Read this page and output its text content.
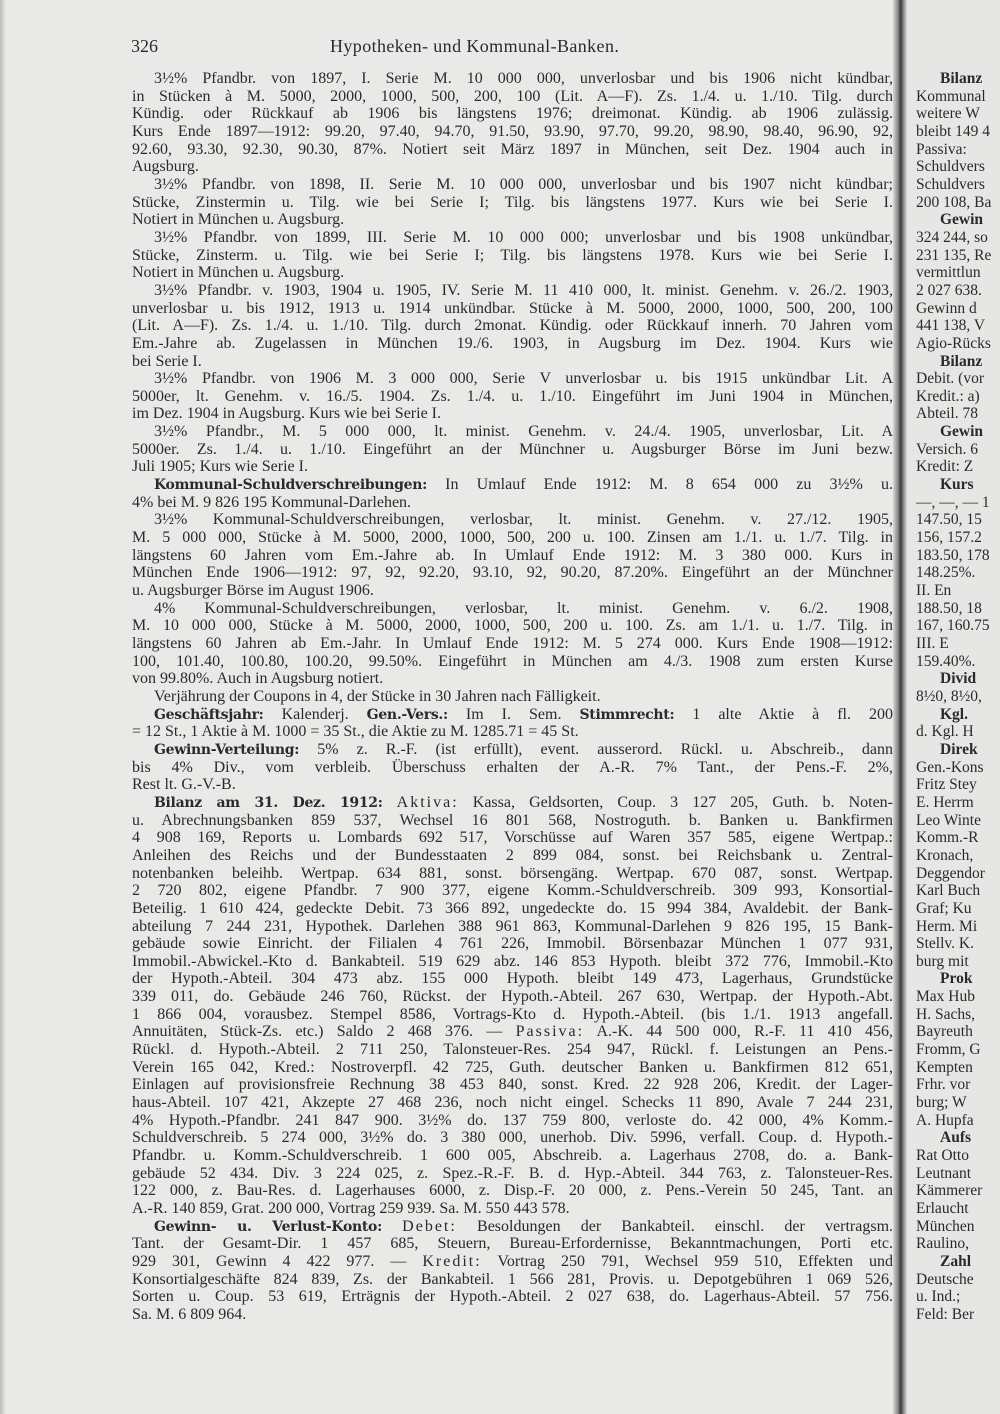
326	Hypotheken- und Kommunal-Banken.
3½% Pfandbr. von 1897, I. Serie M. 10 000 000, unverlosbar und bis 1906 nicht kündbar,
in Stücken à M. 5000, 2000, 1000, 500, 200, 100 (Lit. A—F). Zs. 1./4. u. 1./10. Tilg. durch
Kündig. oder Rückkauf ab 1906 bis längstens 1976; dreimonat. Kündig. ab 1906 zulässig.
Kurs Ende 1897—1912: 99.20, 97.40, 94.70, 91.50, 93.90, 97.70, 99.20, 98.90, 98.40, 96.90, 92,
92.60, 93.30, 92.30, 90.30, 87%. Notiert seit März 1897 in München, seit Dez. 1904 auch in
Augsburg.
3½% Pfandbr. von 1898, II. Serie M. 10 000 000, unverlosbar und bis 1907 nicht kündbar;
Stücke, Zinstermin u. Tilg. wie bei Serie I; Tilg. bis längstens 1977. Kurs wie bei Serie I.
Notiert in München u. Augsburg.
3½% Pfandbr. von 1899, III. Serie M. 10 000 000; unverlosbar und bis 1908 unkündbar,
Stücke, Zinsterm. u. Tilg. wie bei Serie I; Tilg. bis längstens 1978. Kurs wie bei Serie I.
Notiert in München u. Augsburg.
3½% Pfandbr. v. 1903, 1904 u. 1905, IV. Serie M. 11 410 000, lt. minist. Genehm. v. 26./2. 1903,
unverlosbar u. bis 1912, 1913 u. 1914 unkündbar. Stücke à M. 5000, 2000, 1000, 500, 200, 100
(Lit. A—F). Zs. 1./4. u. 1./10. Tilg. durch 2monat. Kündig. oder Rückkauf innerh. 70 Jahren vom
Em.-Jahre ab. Zugelassen in München 19./6. 1903, in Augsburg im Dez. 1904. Kurs wie
bei Serie I.
3½% Pfandbr. von 1906 M. 3 000 000, Serie V unverlosbar u. bis 1915 unkündbar Lit. A
5000er, lt. Genehm. v. 16./5. 1904. Zs. 1./4. u. 1./10. Eingeführt im Juni 1904 in München,
im Dez. 1904 in Augsburg. Kurs wie bei Serie I.
3½% Pfandbr., M. 5 000 000, lt. minist. Genehm. v. 24./4. 1905, unverlosbar, Lit. A
5000er. Zs. 1./4. u. 1./10. Eingeführt an der Münchner u. Augsburger Börse im Juni bezw.
Juli 1905; Kurs wie Serie I.
Kommunal-Schuldverschreibungen: In Umlauf Ende 1912: M. 8 654 000 zu 3½% u.
4% bei M. 9 826 195 Kommunal-Darlehen.
3½% Kommunal-Schuldverschreibungen, verlosbar, lt. minist. Genehm. v. 27./12. 1905,
M. 5 000 000, Stücke à M. 5000, 2000, 1000, 500, 200 u. 100. Zinsen am 1./1. u. 1./7. Tilg. in
längstens 60 Jahren vom Em.-Jahre ab. In Umlauf Ende 1912: M. 3 380 000. Kurs in
München Ende 1906—1912: 97, 92, 92.20, 93.10, 92, 90.20, 87.20%. Eingeführt an der Münchner
u. Augsburger Börse im August 1906.
4% Kommunal-Schuldverschreibungen, verlosbar, lt. minist. Genehm. v. 6./2. 1908,
M. 10 000 000, Stücke à M. 5000, 2000, 1000, 500, 200 u. 100. Zs. am 1./1. u. 1./7. Tilg. in
längstens 60 Jahren ab Em.-Jahr. In Umlauf Ende 1912: M. 5 274 000. Kurs Ende 1908—1912:
100, 101.40, 100.80, 100.20, 99.50%. Eingeführt in München am 4./3. 1908 zum ersten Kurse
von 99.80%. Auch in Augsburg notiert.
Verjährung der Coupons in 4, der Stücke in 30 Jahren nach Fälligkeit.
Geschäftsjahr: Kalenderj. Gen.-Vers.: Im I. Sem. Stimmrecht: 1 alte Aktie à fl. 200
= 12 St., 1 Aktie à M. 1000 = 35 St., die Aktie zu M. 1285.71 = 45 St.
Gewinn-Verteilung: 5% z. R.-F. (ist erfüllt), event. ausserord. Rückl. u. Abschreib., dann
bis 4% Div., vom verbleib. Überschuss erhalten der A.-R. 7% Tant., der Pens.-F. 2%,
Rest lt. G.-V.-B.
Bilanz am 31. Dez. 1912: Aktiva: Kassa, Geldsorten, Coup. 3 127 205, Guth. b. Noten-
u. Abrechnungsbanken 859 537, Wechsel 16 801 568, Nostroguth. b. Banken u. Bankfirmen
4 908 169, Reports u. Lombards 692 517, Vorschüsse auf Waren 357 585, eigene Wertpap.:
Anleihen des Reichs und der Bundesstaaten 2 899 084, sonst. bei Reichsbank u. Zentral-
notenbanken beleihb. Wertpap. 634 881, sonst. börsengäng. Wertpap. 670 087, sonst. Wertpap.
2 720 802, eigene Pfandbr. 7 900 377, eigene Komm.-Schuldverschreib. 309 993, Konsortial-
Beteilig. 1 610 424, gedeckte Debit. 73 366 892, ungedeckte do. 15 994 384, Avaldebit. der Bank-
abteilung 7 244 231, Hypothek. Darlehen 388 961 863, Kommunal-Darlehen 9 826 195, 15 Bank-
gebäude sowie Einricht. der Filialen 4 761 226, Immobil. Börsenbazar München 1 077 931,
Immobil.-Abwickel.-Kto d. Bankabteil. 519 629 abz. 146 853 Hypoth. bleibt 372 776, Immobil.-Kto
der Hypoth.-Abteil. 304 473 abz. 155 000 Hypoth. bleibt 149 473, Lagerhaus, Grundstücke
339 011, do. Gebäude 246 760, Rückst. der Hypoth.-Abteil. 267 630, Wertpap. der Hypoth.-Abt.
1 866 004, vorausbez. Stempel 8586, Vortrags-Kto d. Hypoth.-Abteil. (bis 1./1. 1913 angefall.
Annuitäten, Stück-Zs. etc.) Saldo 2 468 376. — Passiva: A.-K. 44 500 000, R.-F. 11 410 456,
Rückl. d. Hypoth.-Abteil. 2 711 250, Talonsteuer-Res. 254 947, Rückl. f. Leistungen an Pens.-
Verein 165 042, Kred.: Nostroverpfl. 42 725, Guth. deutscher Banken u. Bankfirmen 812 651,
Einlagen auf provisionsfreie Rechnung 38 453 840, sonst. Kred. 22 928 206, Kredit. der Lager-
haus-Abteil. 107 421, Akzepte 27 468 236, noch nicht eingel. Schecks 11 890, Avale 7 244 231,
4% Hypoth.-Pfandbr. 241 847 900. 3½% do. 137 759 800, verloste do. 42 000, 4% Komm.-
Schuldverschreib. 5 274 000, 3½% do. 3 380 000, unerhob. Div. 5996, verfall. Coup. d. Hypoth.-
Pfandbr. u. Komm.-Schuldverschreib. 1 600 005, Abschreib. a. Lagerhaus 2708, do. a. Bank-
gebäude 52 434. Div. 3 224 025, z. Spez.-R.-F. B. d. Hyp.-Abteil. 344 763, z. Talonsteuer-Res.
122 000, z. Bau-Res. d. Lagerhauses 6000, z. Disp.-F. 20 000, z. Pens.-Verein 50 245, Tant. an
A.-R. 140 859, Grat. 200 000, Vortrag 259 939. Sa. M. 550 443 578.
Gewinn- u. Verlust-Konto: Debet: Besoldungen der Bankabteil. einschl. der vertragsm.
Tant. der Gesamt-Dir. 1 457 685, Steuern, Bureau-Erfordernisse, Bekanntmachungen, Porti etc.
929 301, Gewinn 4 422 977. — Kredit: Vortrag 250 791, Wechsel 959 510, Effekten und
Konsortialgeschäfte 824 839, Zs. der Bankabteil. 1 566 281, Provis. u. Depotgebühren 1 069 526,
Sorten u. Coup. 53 619, Erträgnis der Hypoth.-Abteil. 2 027 638, do. Lagerhaus-Abteil. 57 756.
Sa. M. 6 809 964.
Bilanz
Kommunal
weitere W
bleibt 149 4
Passiva:
Schuldvers
Schuldvers
200 108, Ba
Gewin
324 244, so
231 135, Re
vermittlun
2 027 638.
Gewinn d
441 138, V
Agio-Rücks
Bilanz
Debit. (vor
Kredit.: a)
Abteil. 78
Gewin
Versich. 6
Kredit: Z
Kurs
—, —, — 1
147.50, 15
156, 157.2
183.50, 178
148.25%.
II. En
188.50, 18
167, 160.75
III. E
159.40%.
Divid
8½0, 8½0,
Kgl.
d. Kgl. H
Direk
Gen.-Kons
Fritz Stey
E. Herrm
Leo Winte
Komm.-R
Kronach,
Deggendor
Karl Buch
Graf; Ku
Herm. Mi
Stellv. K.
burg mit
Prok
Max Hub
H. Sachs,
Bayreuth
Fromm, G
Kempten
Frhr. vor
burg; W
A. Hupfa
Aufs
Rat Otto
Leutnant
Kämmerer
Erlaucht
München
Raulino,
Zahl
Deutsche
u. Ind.;
Feld: Ber
